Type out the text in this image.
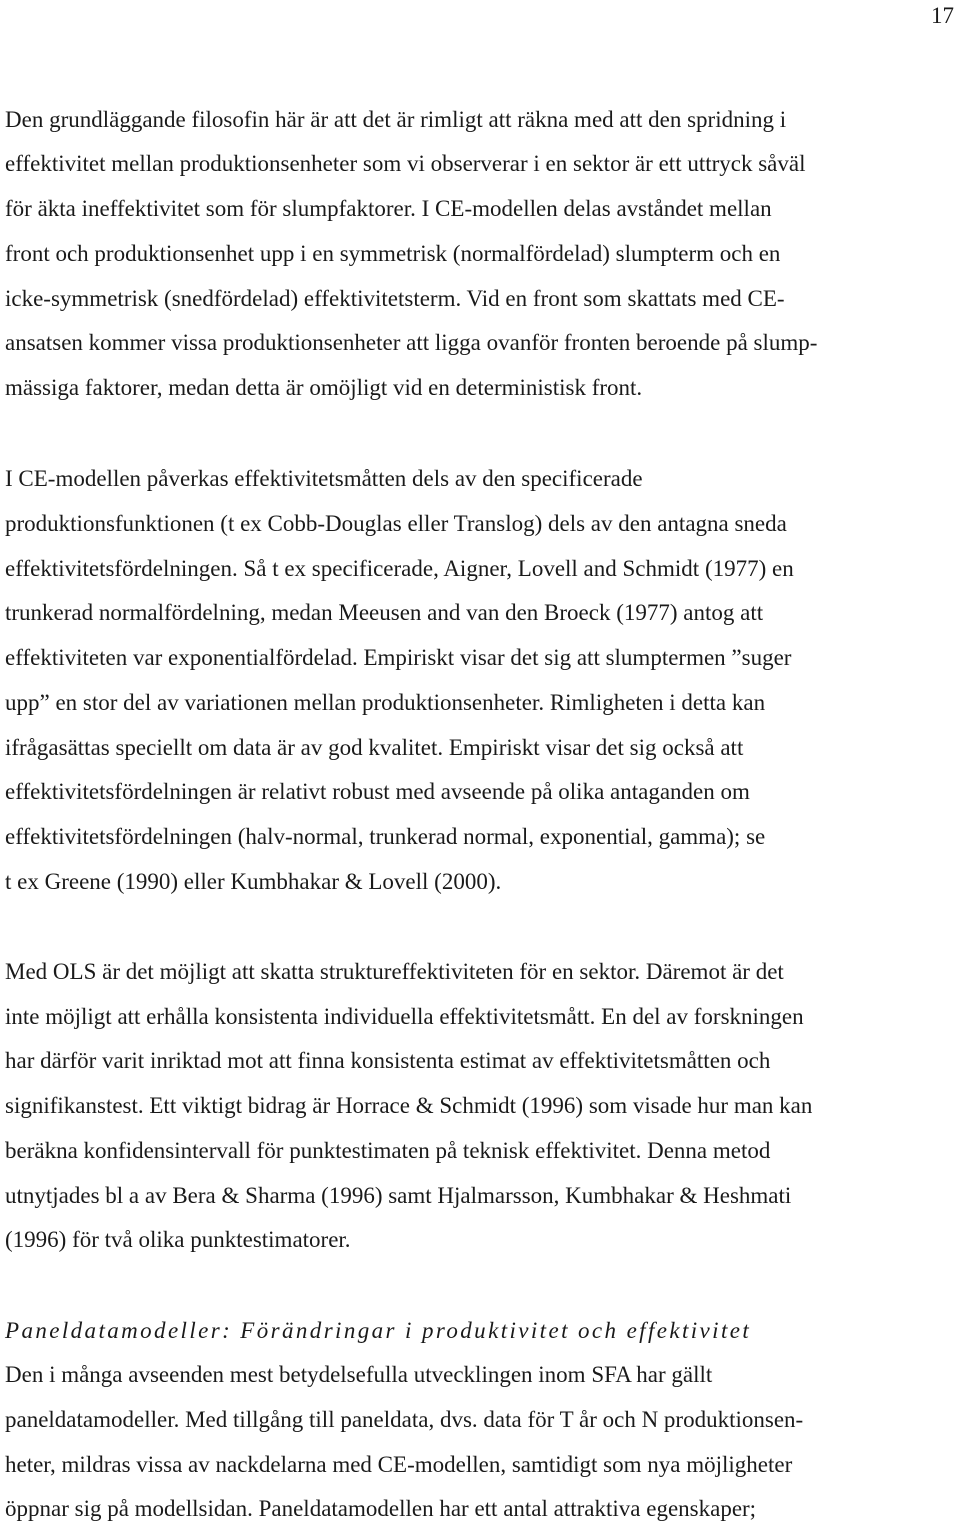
17
Den grundläggande filosofin här är att det är rimligt att räkna med att den spridning i
effektivitet mellan produktionsenheter som vi observerar i en sektor är ett uttryck såväl
för äkta ineffektivitet som för slumpfaktorer. I CE-modellen delas avståndet mellan
front och produktionsenhet upp i en symmetrisk (normalfördelad) slumpterm och en
icke-symmetrisk (snedfördelad) effektivitetsterm. Vid en front som skattats med CE-
ansatsen kommer vissa produktionsenheter att ligga ovanför fronten beroende på slump-
mässiga faktorer, medan detta är omöjligt vid en deterministisk front.
I CE-modellen påverkas effektivitetsmåtten dels av den specificerade
produktionsfunktionen (t ex Cobb-Douglas eller Translog) dels av den antagna sneda
effektivitetsfördelningen. Så t ex specificerade, Aigner, Lovell and Schmidt (1977) en
trunkerad normalfördelning, medan Meeusen and van den Broeck (1977) antog att
effektiviteten var exponentialfördelad. Empiriskt visar det sig att slumptermen ”suger
upp” en stor del av variationen mellan produktionsenheter. Rimligheten i detta kan
ifrågasättas speciellt om data är av god kvalitet. Empiriskt visar det sig också att
effektivitetsfördelningen är relativt robust med avseende på olika antaganden om
effektivitetsfördelningen (halv-normal, trunkerad normal, exponential, gamma); se
t ex Greene (1990) eller Kumbhakar & Lovell (2000).
Med OLS är det möjligt att skatta struktureffektiviteten för en sektor. Däremot är det
inte möjligt att erhålla konsistenta individuella effektivitetsmått. En del av forskningen
har därför varit inriktad mot att finna konsistenta estimat av effektivitetsmåtten och
signifikanstest. Ett viktigt bidrag är Horrace & Schmidt (1996) som visade hur man kan
beräkna konfidensintervall för punktestimaten på teknisk effektivitet. Denna metod
utnytjades bl a av Bera & Sharma (1996) samt Hjalmarsson, Kumbhakar & Heshmati
(1996) för två olika punktestimatorer.
Paneldatamodeller: Förändringar i produktivitet och effektivitet
Den i många avseenden mest betydelsefulla utvecklingen inom SFA har gällt
paneldatamodeller. Med tillgång till paneldata, dvs. data för T år och N produktionsen-
heter, mildras vissa av nackdelarna med CE-modellen, samtidigt som nya möjligheter
öppnar sig på modellsidan. Paneldatamodellen har ett antal attraktiva egenskaper;
